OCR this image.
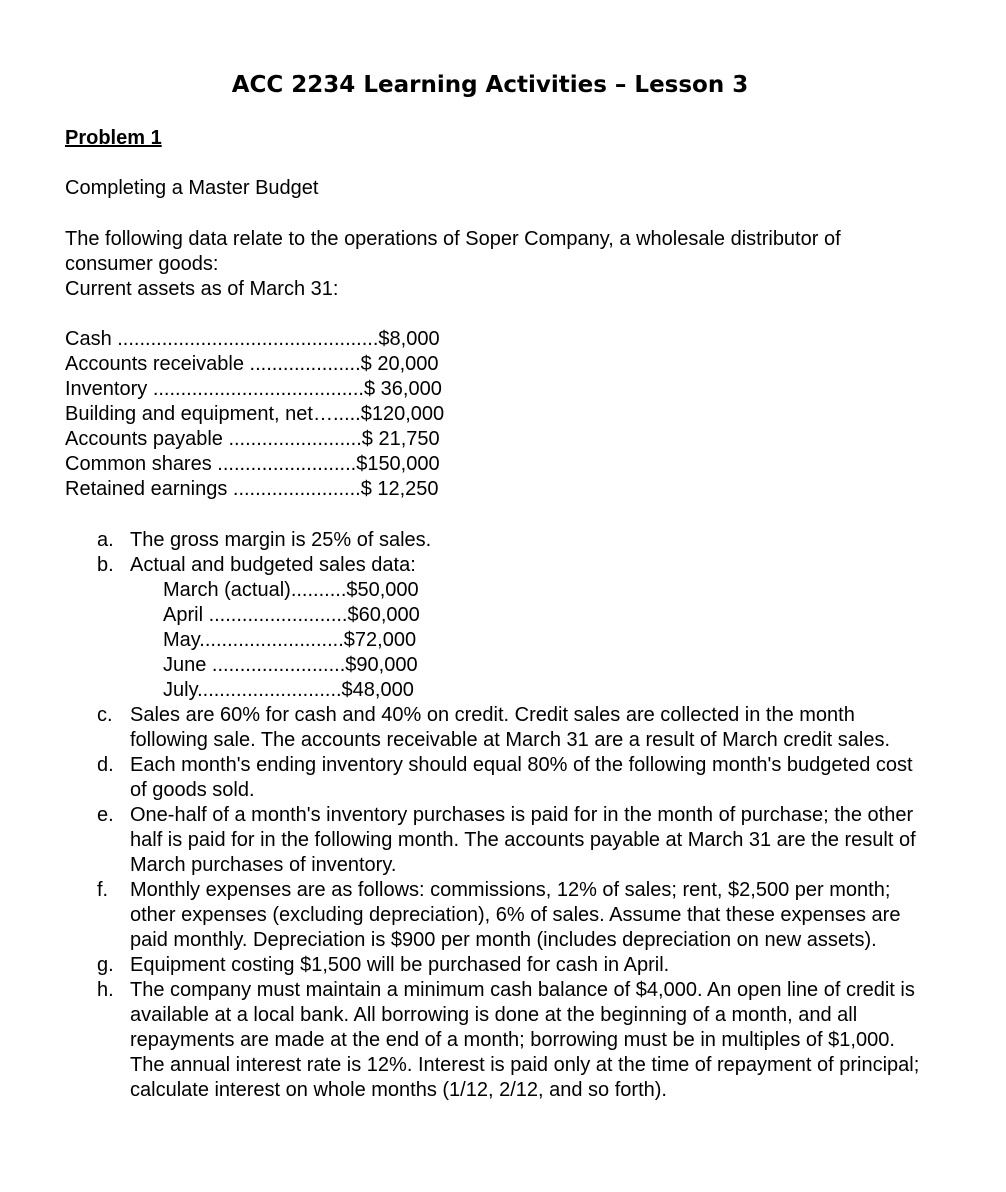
ACC 2234 Learning Activities – Lesson 3
Problem 1
Completing a Master Budget
The following data relate to the operations of Soper Company, a wholesale distributor of
consumer goods:
Current assets as of March 31:
Cash ...............................................$8,000
Accounts receivable ....................$ 20,000
Inventory ......................................$ 36,000
Building and equipment, net….....$120,000
Accounts payable ........................$ 21,750
Common shares .........................$150,000
Retained earnings .......................$ 12,250
a. The gross margin is 25% of sales.
b. Actual and budgeted sales data:
March (actual)..........$50,000
April .........................$60,000
May..........................$72,000
June ........................$90,000
July..........................$48,000
c. Sales are 60% for cash and 40% on credit. Credit sales are collected in the month following sale. The accounts receivable at March 31 are a result of March credit sales.
d. Each month's ending inventory should equal 80% of the following month's budgeted cost of goods sold.
e. One-half of a month's inventory purchases is paid for in the month of purchase; the other half is paid for in the following month. The accounts payable at March 31 are the result of March purchases of inventory.
f. Monthly expenses are as follows: commissions, 12% of sales; rent, $2,500 per month; other expenses (excluding depreciation), 6% of sales. Assume that these expenses are paid monthly. Depreciation is $900 per month (includes depreciation on new assets).
g. Equipment costing $1,500 will be purchased for cash in April.
h. The company must maintain a minimum cash balance of $4,000. An open line of credit is available at a local bank. All borrowing is done at the beginning of a month, and all repayments are made at the end of a month; borrowing must be in multiples of $1,000. The annual interest rate is 12%. Interest is paid only at the time of repayment of principal; calculate interest on whole months (1/12, 2/12, and so forth).
